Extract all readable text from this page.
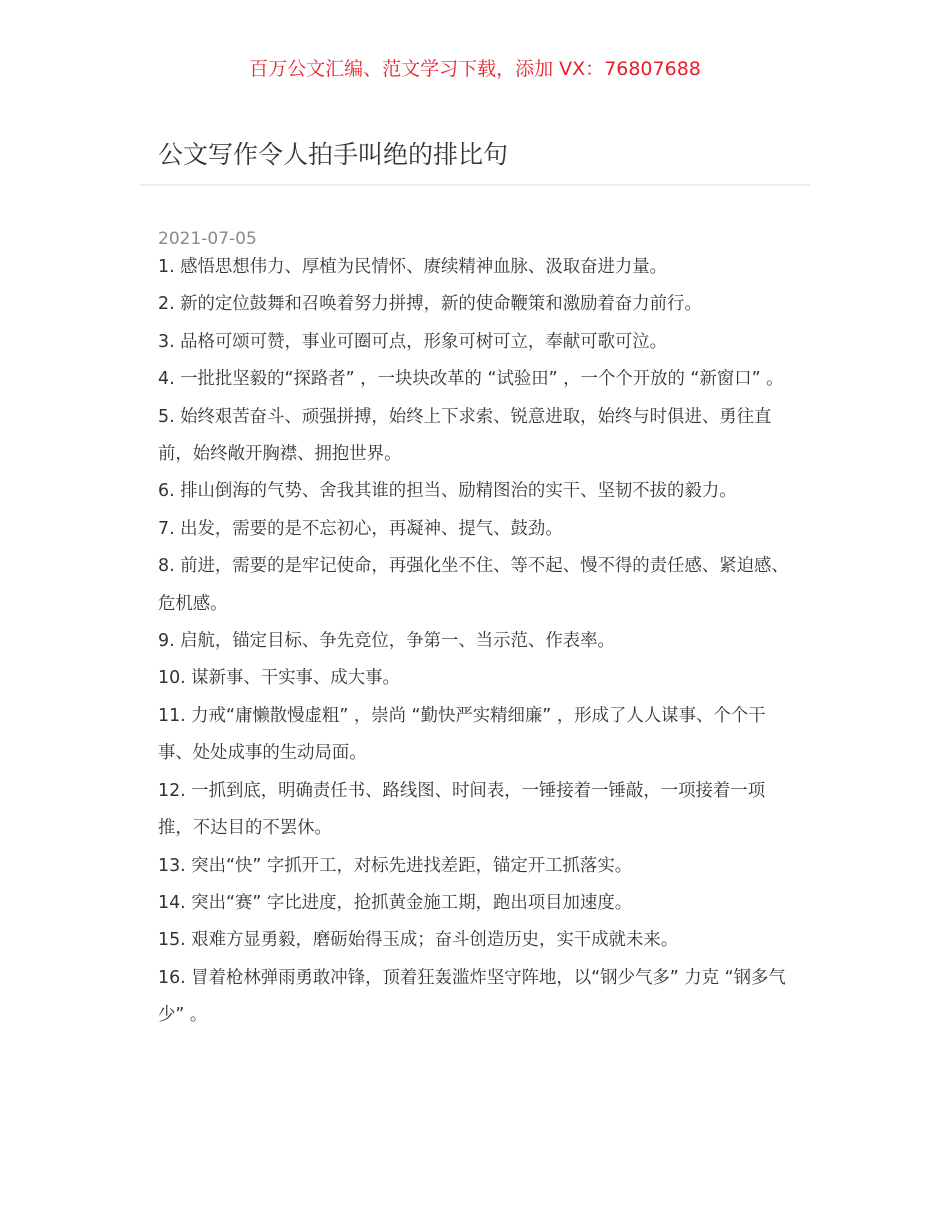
百万公文汇编、范文学习下载，添加 VX：76807688
公文写作令人拍手叫绝的排比句
2021-07-05
1. 感悟思想伟力、厚植为民情怀、赓续精神血脉、汲取奋进力量。
2. 新的定位鼓舞和召唤着努力拼搏，新的使命鞭策和激励着奋力前行。
3. 品格可颂可赞，事业可圈可点，形象可树可立，奉献可歌可泣。
4. 一批批坚毅的“探路者” ，一块块改革的 “试验田” ，一个个开放的 “新窗口” 。
5. 始终艰苦奋斗、顽强拼搏，始终上下求索、锐意进取，始终与时俱进、勇往直前，始终敞开胸襟、拥抱世界。
6. 排山倒海的气势、舍我其谁的担当、励精图治的实干、坚韧不拔的毅力。
7. 出发，需要的是不忘初心，再凝神、提气、鼓劲。
8. 前进，需要的是牢记使命，再强化坐不住、等不起、慢不得的责任感、紧迫感、危机感。
9. 启航，锚定目标、争先竞位，争第一、当示范、作表率。
10. 谋新事、干实事、成大事。
11. 力戒“庸懒散慢虚粗” ，崇尚 “勤快严实精细廉” ，形成了人人谋事、个个干事、处处成事的生动局面。
12. 一抓到底，明确责任书、路线图、时间表，一锤接着一锤敲，一项接着一项推，不达目的不罢休。
13. 突出“快” 字抓开工，对标先进找差距，锚定开工抓落实。
14. 突出“赛” 字比进度，抢抓黄金施工期，跑出项目加速度。
15. 艰难方显勇毅，磨砺始得玉成；奋斗创造历史，实干成就未来。
16. 冒着枪林弹雨勇敢冲锋，顶着狂轰滥炸坚守阵地，以“钢少气多” 力克 “钢多气少” 。
